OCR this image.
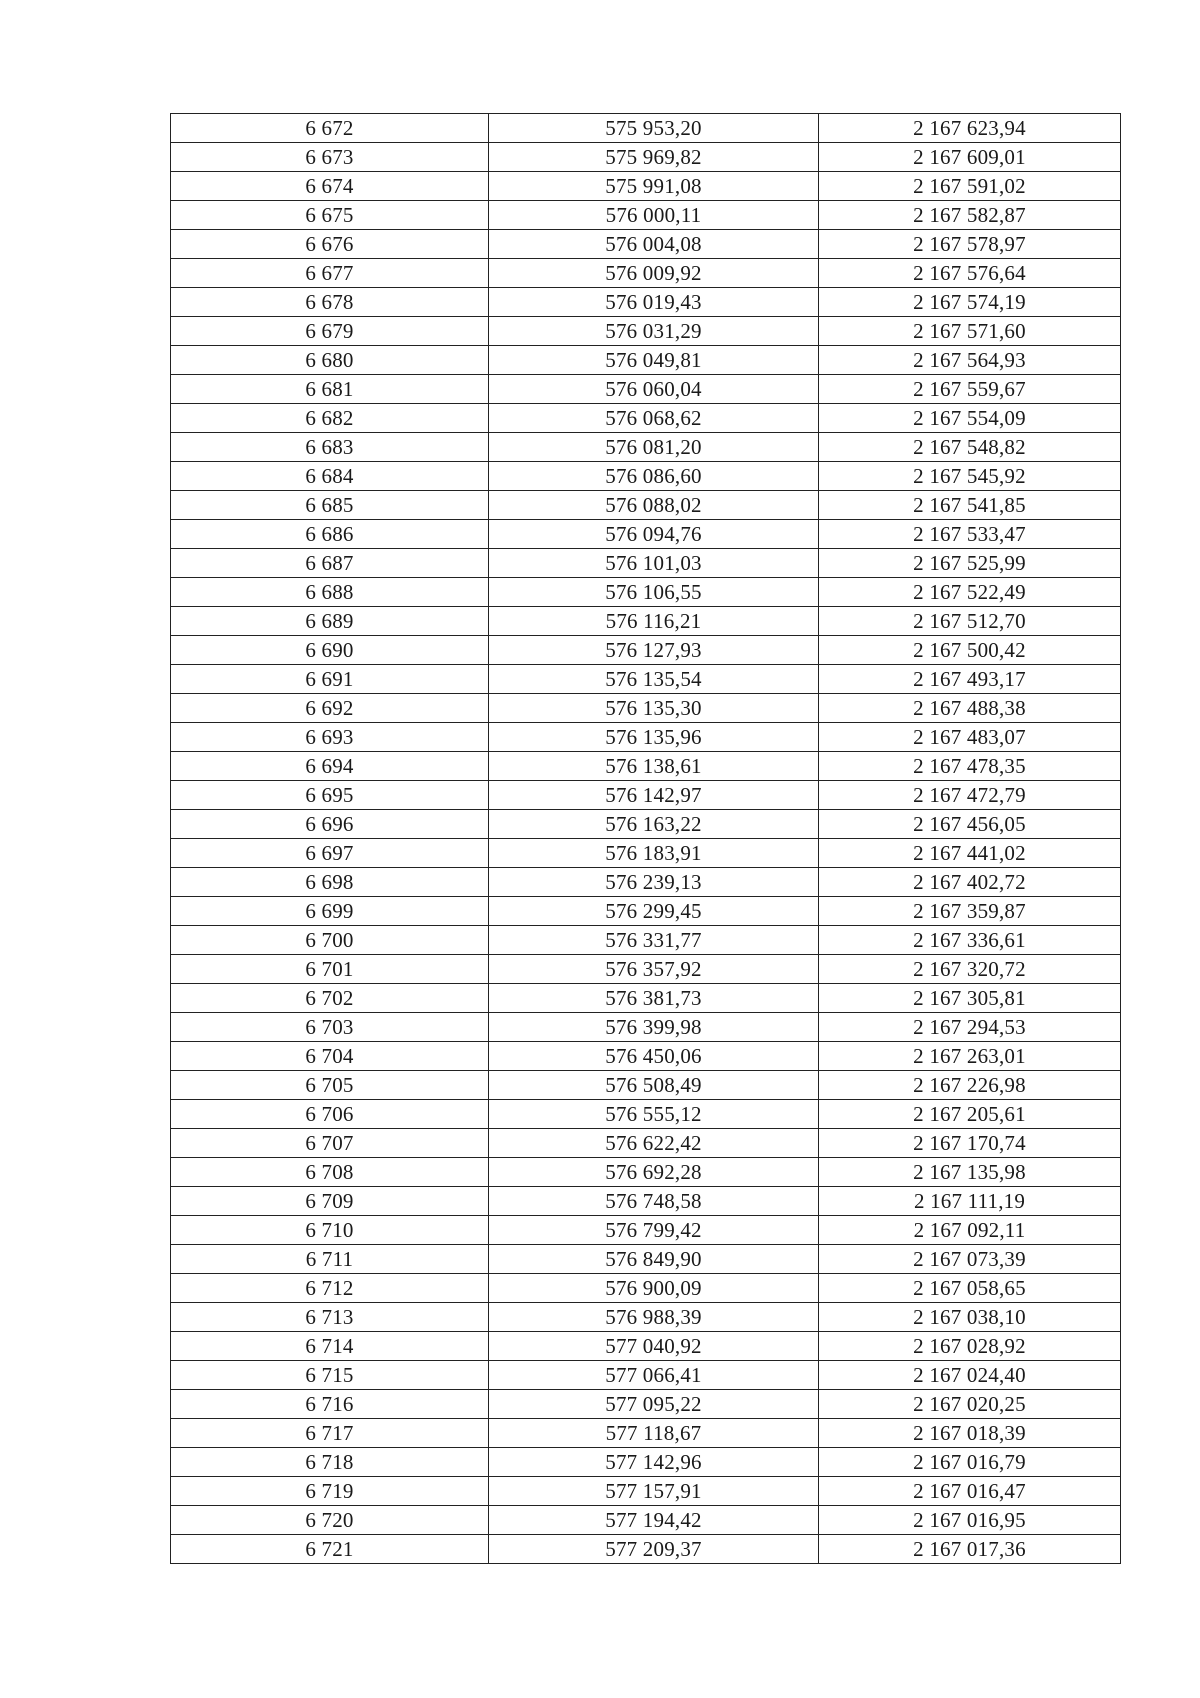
6 672	575 953,20	2 167 623,94
6 673	575 969,82	2 167 609,01
6 674	575 991,08	2 167 591,02
6 675	576 000,11	2 167 582,87
6 676	576 004,08	2 167 578,97
6 677	576 009,92	2 167 576,64
6 678	576 019,43	2 167 574,19
6 679	576 031,29	2 167 571,60
6 680	576 049,81	2 167 564,93
6 681	576 060,04	2 167 559,67
6 682	576 068,62	2 167 554,09
6 683	576 081,20	2 167 548,82
6 684	576 086,60	2 167 545,92
6 685	576 088,02	2 167 541,85
6 686	576 094,76	2 167 533,47
6 687	576 101,03	2 167 525,99
6 688	576 106,55	2 167 522,49
6 689	576 116,21	2 167 512,70
6 690	576 127,93	2 167 500,42
6 691	576 135,54	2 167 493,17
6 692	576 135,30	2 167 488,38
6 693	576 135,96	2 167 483,07
6 694	576 138,61	2 167 478,35
6 695	576 142,97	2 167 472,79
6 696	576 163,22	2 167 456,05
6 697	576 183,91	2 167 441,02
6 698	576 239,13	2 167 402,72
6 699	576 299,45	2 167 359,87
6 700	576 331,77	2 167 336,61
6 701	576 357,92	2 167 320,72
6 702	576 381,73	2 167 305,81
6 703	576 399,98	2 167 294,53
6 704	576 450,06	2 167 263,01
6 705	576 508,49	2 167 226,98
6 706	576 555,12	2 167 205,61
6 707	576 622,42	2 167 170,74
6 708	576 692,28	2 167 135,98
6 709	576 748,58	2 167 111,19
6 710	576 799,42	2 167 092,11
6 711	576 849,90	2 167 073,39
6 712	576 900,09	2 167 058,65
6 713	576 988,39	2 167 038,10
6 714	577 040,92	2 167 028,92
6 715	577 066,41	2 167 024,40
6 716	577 095,22	2 167 020,25
6 717	577 118,67	2 167 018,39
6 718	577 142,96	2 167 016,79
6 719	577 157,91	2 167 016,47
6 720	577 194,42	2 167 016,95
6 721	577 209,37	2 167 017,36
